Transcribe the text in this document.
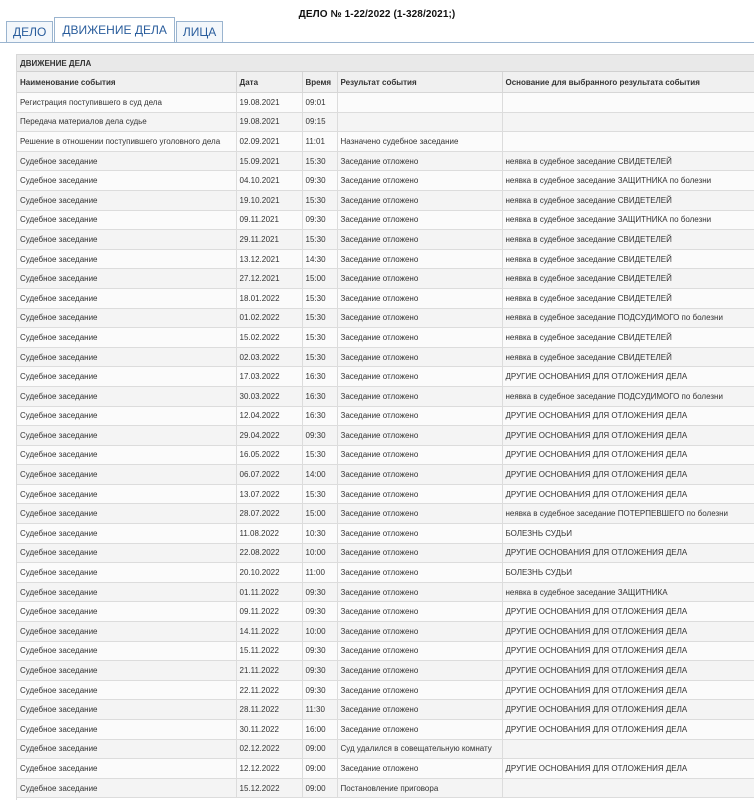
ДЕЛО № 1-22/2022 (1-328/2021;)
ДЕЛО	ДВИЖЕНИЕ ДЕЛА	ЛИЦА
ДВИЖЕНИЕ ДЕЛА
Наименование события	Дата	Время	Результат события	Основание для выбранного результата события
Регистрация поступившего в суд дела	19.08.2021	09:01		
Передача материалов дела судье	19.08.2021	09:15		
Решение в отношении поступившего уголовного дела	02.09.2021	11:01	Назначено судебное заседание	
Судебное заседание	15.09.2021	15:30	Заседание отложено	неявка в судебное заседание СВИДЕТЕЛЕЙ
Судебное заседание	04.10.2021	09:30	Заседание отложено	неявка в судебное заседание ЗАЩИТНИКА по болезни
Судебное заседание	19.10.2021	15:30	Заседание отложено	неявка в судебное заседание СВИДЕТЕЛЕЙ
Судебное заседание	09.11.2021	09:30	Заседание отложено	неявка в судебное заседание ЗАЩИТНИКА по болезни
Судебное заседание	29.11.2021	15:30	Заседание отложено	неявка в судебное заседание СВИДЕТЕЛЕЙ
Судебное заседание	13.12.2021	14:30	Заседание отложено	неявка в судебное заседание СВИДЕТЕЛЕЙ
Судебное заседание	27.12.2021	15:00	Заседание отложено	неявка в судебное заседание СВИДЕТЕЛЕЙ
Судебное заседание	18.01.2022	15:30	Заседание отложено	неявка в судебное заседание СВИДЕТЕЛЕЙ
Судебное заседание	01.02.2022	15:30	Заседание отложено	неявка в судебное заседание ПОДСУДИМОГО по болезни
Судебное заседание	15.02.2022	15:30	Заседание отложено	неявка в судебное заседание СВИДЕТЕЛЕЙ
Судебное заседание	02.03.2022	15:30	Заседание отложено	неявка в судебное заседание СВИДЕТЕЛЕЙ
Судебное заседание	17.03.2022	16:30	Заседание отложено	ДРУГИЕ ОСНОВАНИЯ ДЛЯ ОТЛОЖЕНИЯ ДЕЛА
Судебное заседание	30.03.2022	16:30	Заседание отложено	неявка в судебное заседание ПОДСУДИМОГО по болезни
Судебное заседание	12.04.2022	16:30	Заседание отложено	ДРУГИЕ ОСНОВАНИЯ ДЛЯ ОТЛОЖЕНИЯ ДЕЛА
Судебное заседание	29.04.2022	09:30	Заседание отложено	ДРУГИЕ ОСНОВАНИЯ ДЛЯ ОТЛОЖЕНИЯ ДЕЛА
Судебное заседание	16.05.2022	15:30	Заседание отложено	ДРУГИЕ ОСНОВАНИЯ ДЛЯ ОТЛОЖЕНИЯ ДЕЛА
Судебное заседание	06.07.2022	14:00	Заседание отложено	ДРУГИЕ ОСНОВАНИЯ ДЛЯ ОТЛОЖЕНИЯ ДЕЛА
Судебное заседание	13.07.2022	15:30	Заседание отложено	ДРУГИЕ ОСНОВАНИЯ ДЛЯ ОТЛОЖЕНИЯ ДЕЛА
Судебное заседание	28.07.2022	15:00	Заседание отложено	неявка в судебное заседание ПОТЕРПЕВШЕГО по болезни
Судебное заседание	11.08.2022	10:30	Заседание отложено	БОЛЕЗНЬ СУДЬИ
Судебное заседание	22.08.2022	10:00	Заседание отложено	ДРУГИЕ ОСНОВАНИЯ ДЛЯ ОТЛОЖЕНИЯ ДЕЛА
Судебное заседание	20.10.2022	11:00	Заседание отложено	БОЛЕЗНЬ СУДЬИ
Судебное заседание	01.11.2022	09:30	Заседание отложено	неявка в судебное заседание ЗАЩИТНИКА
Судебное заседание	09.11.2022	09:30	Заседание отложено	ДРУГИЕ ОСНОВАНИЯ ДЛЯ ОТЛОЖЕНИЯ ДЕЛА
Судебное заседание	14.11.2022	10:00	Заседание отложено	ДРУГИЕ ОСНОВАНИЯ ДЛЯ ОТЛОЖЕНИЯ ДЕЛА
Судебное заседание	15.11.2022	09:30	Заседание отложено	ДРУГИЕ ОСНОВАНИЯ ДЛЯ ОТЛОЖЕНИЯ ДЕЛА
Судебное заседание	21.11.2022	09:30	Заседание отложено	ДРУГИЕ ОСНОВАНИЯ ДЛЯ ОТЛОЖЕНИЯ ДЕЛА
Судебное заседание	22.11.2022	09:30	Заседание отложено	ДРУГИЕ ОСНОВАНИЯ ДЛЯ ОТЛОЖЕНИЯ ДЕЛА
Судебное заседание	28.11.2022	11:30	Заседание отложено	ДРУГИЕ ОСНОВАНИЯ ДЛЯ ОТЛОЖЕНИЯ ДЕЛА
Судебное заседание	30.11.2022	16:00	Заседание отложено	ДРУГИЕ ОСНОВАНИЯ ДЛЯ ОТЛОЖЕНИЯ ДЕЛА
Судебное заседание	02.12.2022	09:00	Суд удалился в совещательную комнату	
Судебное заседание	12.12.2022	09:00	Заседание отложено	ДРУГИЕ ОСНОВАНИЯ ДЛЯ ОТЛОЖЕНИЯ ДЕЛА
Судебное заседание	15.12.2022	09:00	Постановление приговора	
